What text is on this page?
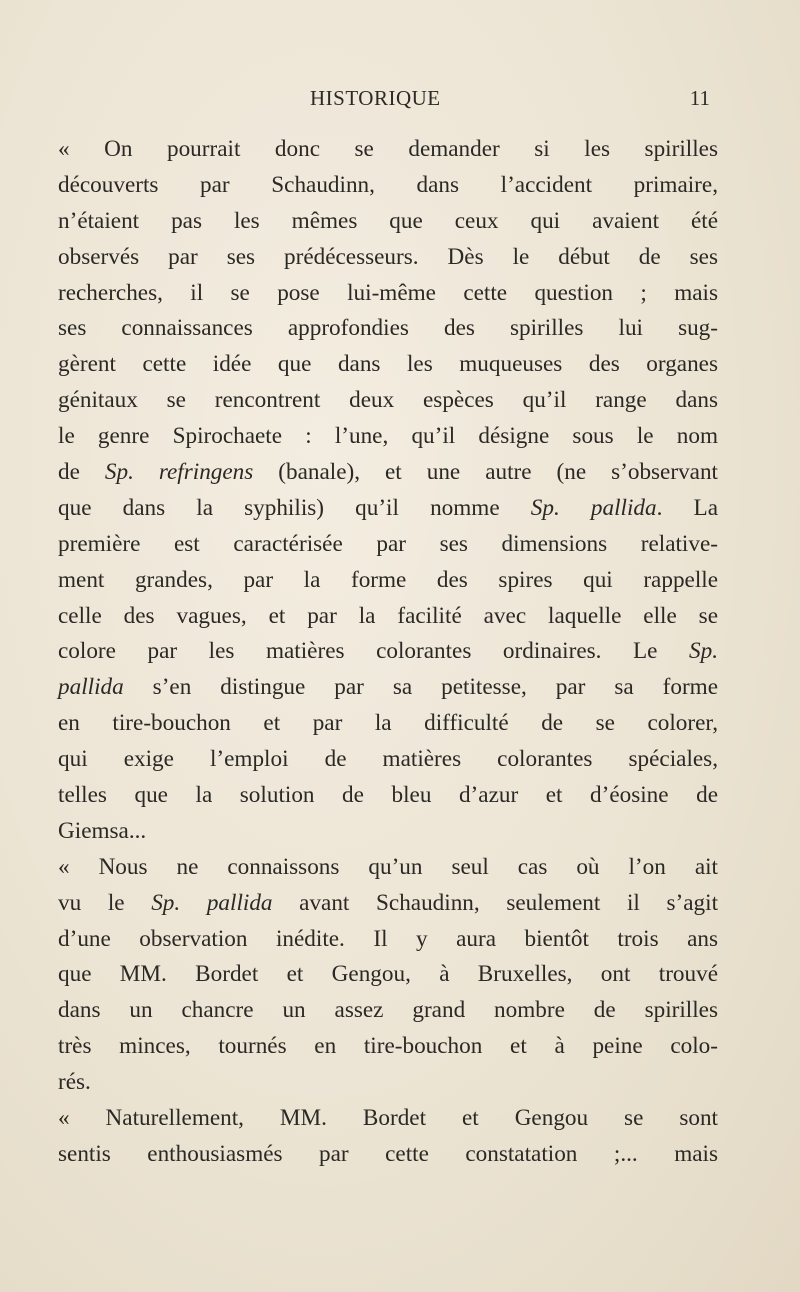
HISTORIQUE	11
« On pourrait donc se demander si les spirilles
découverts par Schaudinn, dans l’accident primaire,
n’étaient pas les mêmes que ceux qui avaient été
observés par ses prédécesseurs. Dès le début de ses
recherches, il se pose lui-même cette question ; mais
ses connaissances approfondies des spirilles lui sug-
gèrent cette idée que dans les muqueuses des organes
génitaux se rencontrent deux espèces qu’il range dans
le genre Spirochaete : l’une, qu’il désigne sous le nom
de Sp. refringens (banale), et une autre (ne s’observant
que dans la syphilis) qu’il nomme Sp. pallida. La
première est caractérisée par ses dimensions relative-
ment grandes, par la forme des spires qui rappelle
celle des vagues, et par la facilité avec laquelle elle se
colore par les matières colorantes ordinaires. Le Sp.
pallida s’en distingue par sa petitesse, par sa forme
en tire-bouchon et par la difficulté de se colorer,
qui exige l’emploi de matières colorantes spéciales,
telles que la solution de bleu d’azur et d’éosine de
Giemsa...
« Nous ne connaissons qu’un seul cas où l’on ait
vu le Sp. pallida avant Schaudinn, seulement il s’agit
d’une observation inédite. Il y aura bientôt trois ans
que MM. Bordet et Gengou, à Bruxelles, ont trouvé
dans un chancre un assez grand nombre de spirilles
très minces, tournés en tire-bouchon et à peine colo-
rés.
« Naturellement, MM. Bordet et Gengou se sont
sentis enthousiasmés par cette constatation ;... mais
